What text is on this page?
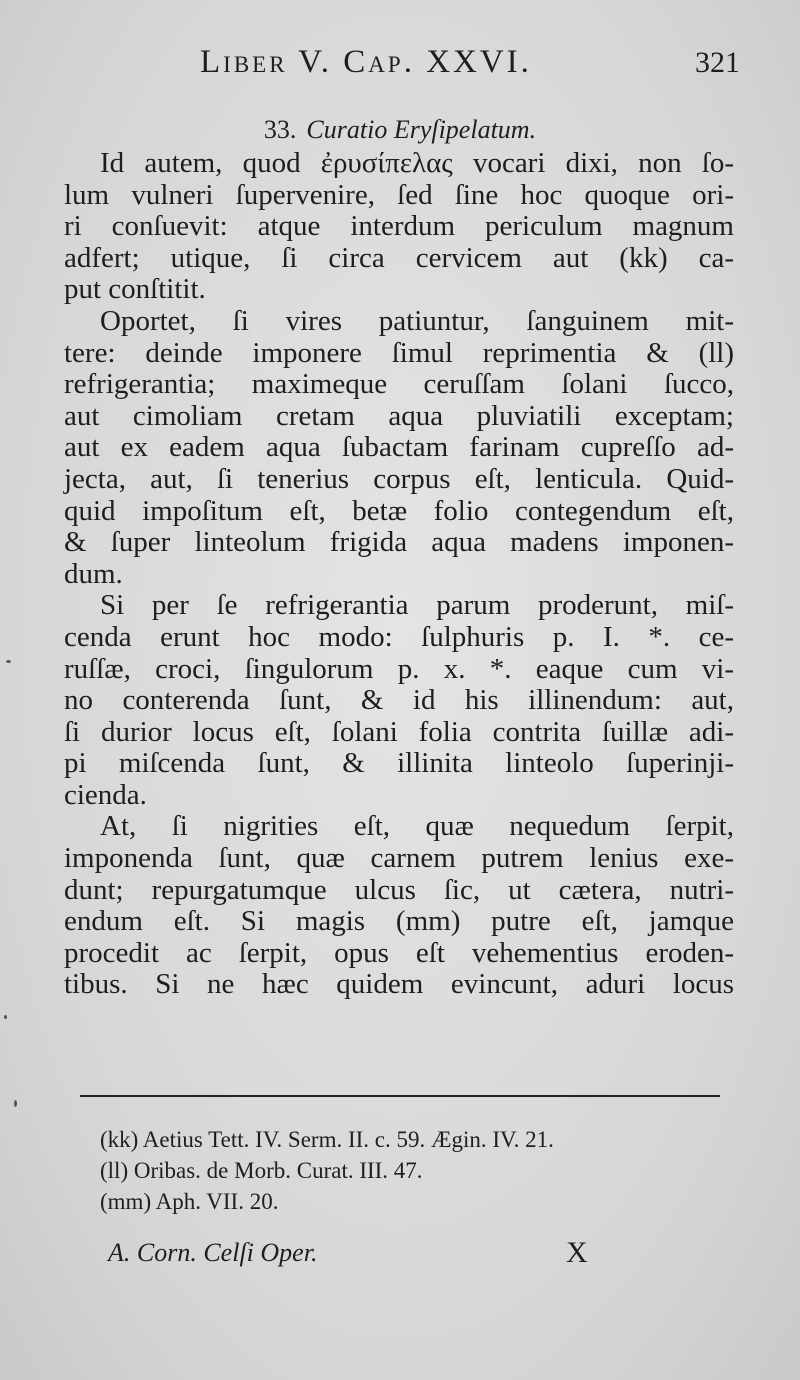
Liber V. Cap. XXVI.	321
33. Curatio Eryſipelatum.

Id autem, quod ἐρυσίπελας vocari dixi, non ſo-
lum vulneri ſupervenire, ſed ſine hoc quoque ori-
ri conſuevit: atque interdum periculum magnum
adfert; utique, ſi circa cervicem aut (kk) ca-
put conſtitit.

Oportet, ſi vires patiuntur, ſanguinem mit-
tere: deinde imponere ſimul reprimentia & (ll)
refrigerantia; maximeque ceruſſam ſolani ſucco,
aut cimoliam cretam aqua pluviatili exceptam;
aut ex eadem aqua ſubactam farinam cupreſſo ad-
jecta, aut, ſi tenerius corpus eſt, lenticula. Quid-
quid impoſitum eſt, betæ folio contegendum eſt,
& ſuper linteolum frigida aqua madens imponen-
dum.

Si per ſe refrigerantia parum proderunt, miſ-
cenda erunt hoc modo: ſulphuris p. I. *. ce-
ruſſæ, croci, ſingulorum p. x. *. eaque cum vi-
no conterenda ſunt, & id his illinendum: aut,
ſi durior locus eſt, ſolani folia contrita ſuillæ adi-
pi miſcenda ſunt, & illinita linteolo ſuperinji-
cienda.

At, ſi nigrities eſt, quæ nequedum ſerpit,
imponenda ſunt, quæ carnem putrem lenius exe-
dunt; repurgatumque ulcus ſic, ut cætera, nutri-
endum eſt. Si magis (mm) putre eſt, jamque
procedit ac ſerpit, opus eſt vehementius eroden-
tibus. Si ne hæc quidem evincunt, aduri locus

(kk) Aetius Tett. IV. Serm. II. c. 59. Ægin. IV. 21.
(ll) Oribas. de Morb. Curat. III. 47.
(mm) Aph. VII. 20.
A. Corn. Celſi Oper.	X
